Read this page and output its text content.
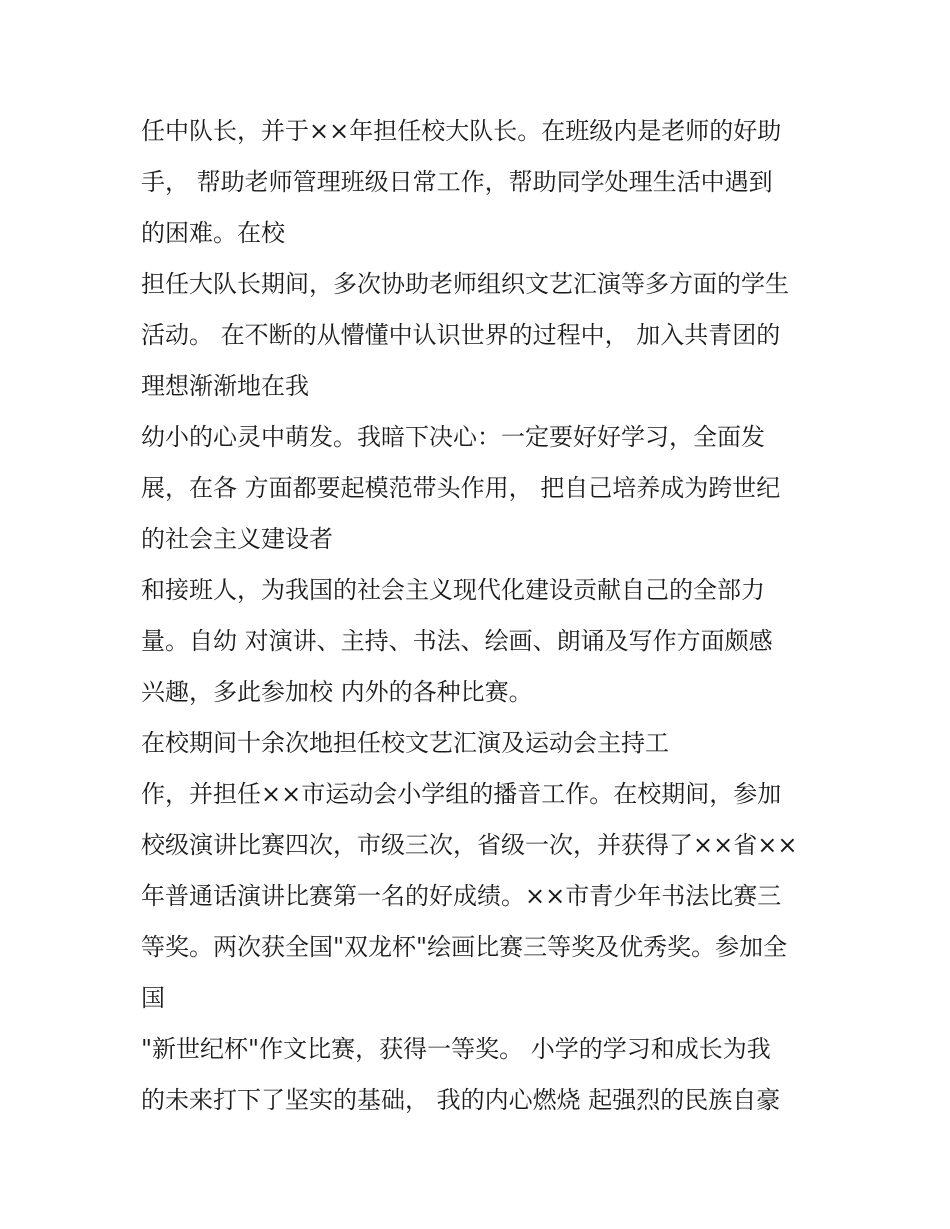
任中队长，并于××年担任校大队长。在班级内是老师的好助
手， 帮助老师管理班级日常工作，帮助同学处理生活中遇到
的困难。在校
担任大队长期间，多次协助老师组织文艺汇演等多方面的学生
活动。 在不断的从懵懂中认识世界的过程中， 加入共青团的
理想渐渐地在我
幼小的心灵中萌发。我暗下决心：一定要好好学习，全面发
展，在各 方面都要起模范带头作用， 把自己培养成为跨世纪
的社会主义建设者
和接班人，为我国的社会主义现代化建设贡献自己的全部力
量。自幼 对演讲、主持、书法、绘画、朗诵及写作方面颇感
兴趣，多此参加校 内外的各种比赛。
在校期间十余次地担任校文艺汇演及运动会主持工
作，并担任××市运动会小学组的播音工作。在校期间，参加
校级演讲比赛四次，市级三次，省级一次，并获得了××省××
年普通话演讲比赛第一名的好成绩。××市青少年书法比赛三
等奖。两次获全国"双龙杯"绘画比赛三等奖及优秀奖。参加全
国
"新世纪杯"作文比赛，获得一等奖。 小学的学习和成长为我
的未来打下了坚实的基础， 我的内心燃烧 起强烈的民族自豪
